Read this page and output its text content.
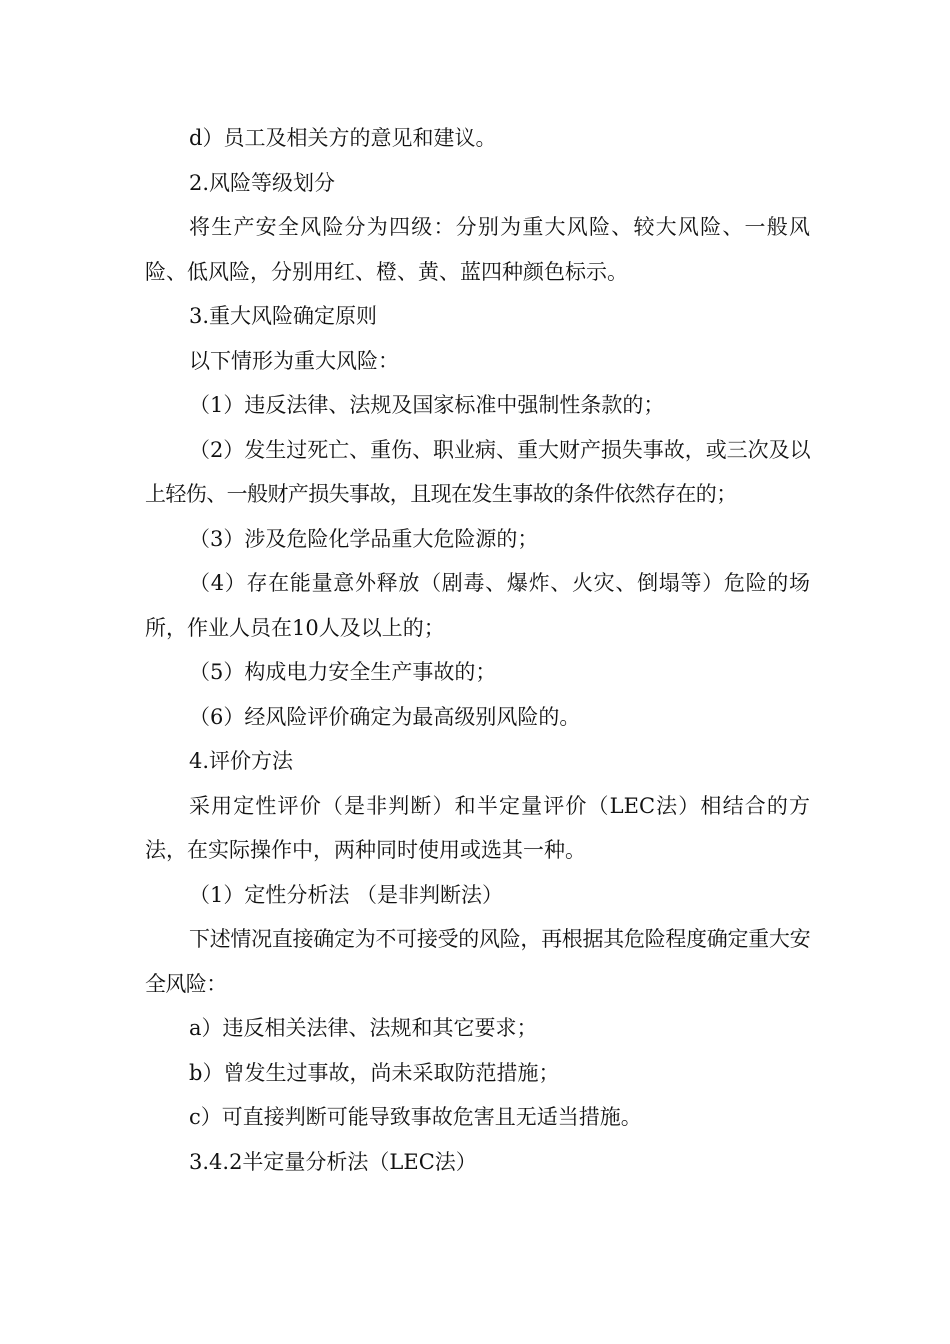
d）员工及相关方的意见和建议。

2.风险等级划分

将生产安全风险分为四级：分别为重大风险、较大风险、一般风险、低风险，分别用红、橙、黄、蓝四种颜色标示。

3.重大风险确定原则

以下情形为重大风险：

（1）违反法律、法规及国家标准中强制性条款的；

（2）发生过死亡、重伤、职业病、重大财产损失事故，或三次及以上轻伤、一般财产损失事故，且现在发生事故的条件依然存在的；

（3）涉及危险化学品重大危险源的；

（4）存在能量意外释放（剧毒、爆炸、火灾、倒塌等）危险的场所，作业人员在10人及以上的；

（5）构成电力安全生产事故的；

（6）经风险评价确定为最高级别风险的。

4.评价方法

采用定性评价（是非判断）和半定量评价（LEC法）相结合的方法，在实际操作中，两种同时使用或选其一种。

（1）定性分析法 （是非判断法）

下述情况直接确定为不可接受的风险，再根据其危险程度确定重大安全风险：

a）违反相关法律、法规和其它要求；

b）曾发生过事故，尚未采取防范措施；

c）可直接判断可能导致事故危害且无适当措施。

3.4.2半定量分析法（LEC法）
